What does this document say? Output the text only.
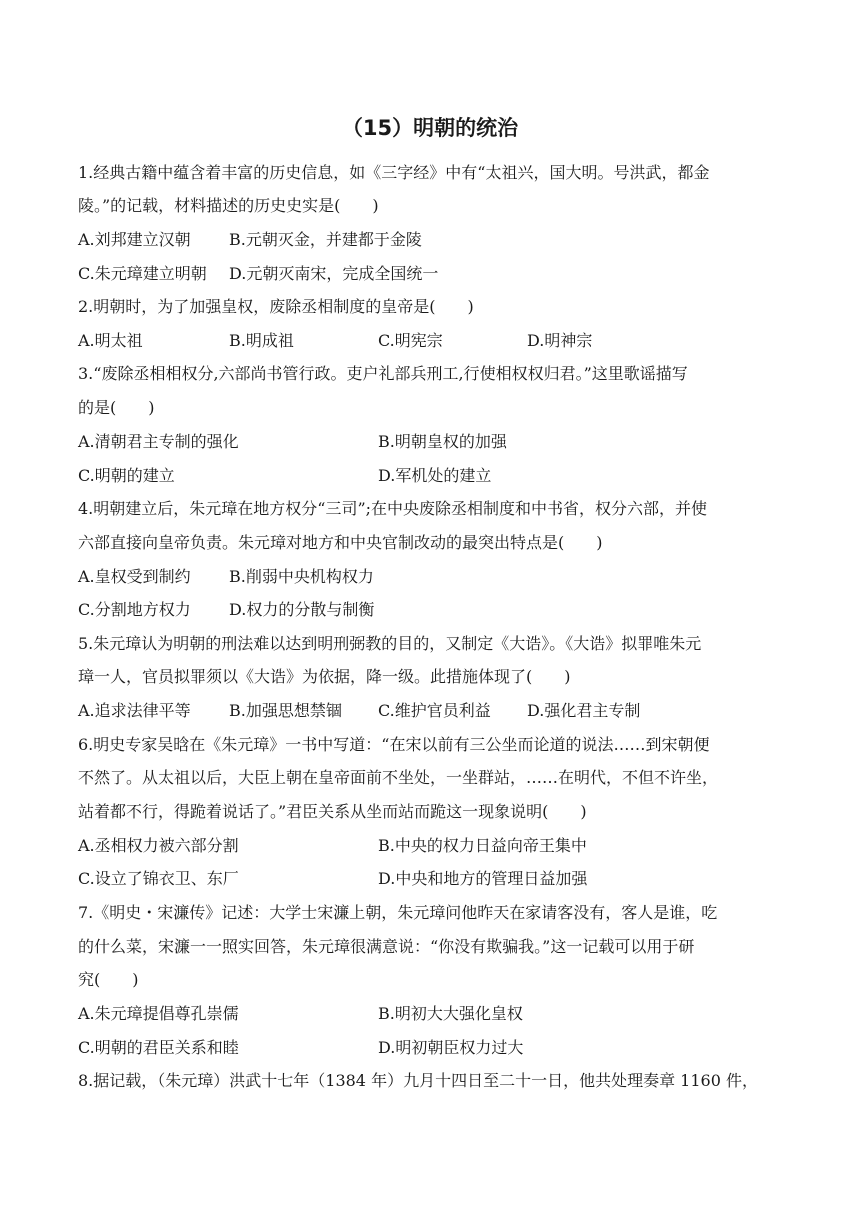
（15）明朝的统治
1.经典古籍中蕴含着丰富的历史信息，如《三字经》中有“太祖兴，国大明。号洪武，都金
陵。”的记载，材料描述的历史史实是(　　)
A.刘邦建立汉朝 B.元朝灭金，并建都于金陵
C.朱元璋建立明朝 D.元朝灭南宋，完成全国统一
2.明朝时，为了加强皇权，废除丞相制度的皇帝是(　　)
A.明太祖	B.明成祖	C.明宪宗	D.明神宗
3.“废除丞相相权分,六部尚书管行政。吏户礼部兵刑工,行使相权权归君。”这里歌谣描写
的是(　　)
A.清朝君主专制的强化	B.明朝皇权的加强
C.明朝的建立	D.军机处的建立
4.明朝建立后，朱元璋在地方权分“三司”;在中央废除丞相制度和中书省，权分六部，并使
六部直接向皇帝负责。朱元璋对地方和中央官制改动的最突出特点是(　　)
A.皇权受到制约 B.削弱中央机构权力
C.分割地方权力 D.权力的分散与制衡
5.朱元璋认为明朝的刑法难以达到明刑弼教的目的，又制定《大诰》。《大诰》拟罪唯朱元
璋一人，官员拟罪须以《大诰》为依据，降一级。此措施体现了(　　)
A.追求法律平等 B.加强思想禁锢 C.维护官员利益 D.强化君主专制
6.明史专家吴晗在《朱元璋》一书中写道：“在宋以前有三公坐而论道的说法……到宋朝便
不然了。从太祖以后，大臣上朝在皇帝面前不坐处，一坐群站，……在明代，不但不许坐，
站着都不行，得跪着说话了。”君臣关系从坐而站而跪这一现象说明(　　)
A.丞相权力被六部分割	B.中央的权力日益向帝王集中
C.设立了锦衣卫、东厂	D.中央和地方的管理日益加强
7.《明史・宋濂传》记述：大学士宋濂上朝，朱元璋问他昨天在家请客没有，客人是谁，吃
的什么菜，宋濂一一照实回答，朱元璋很满意说：“你没有欺骗我。”这一记载可以用于研
究(　　)
A.朱元璋提倡尊孔崇儒	B.明初大大强化皇权
C.明朝的君臣关系和睦	D.明初朝臣权力过大
8.据记载，（朱元璋）洪武十七年（1384 年）九月十四日至二十一日，他共处理奏章 1160 件，
